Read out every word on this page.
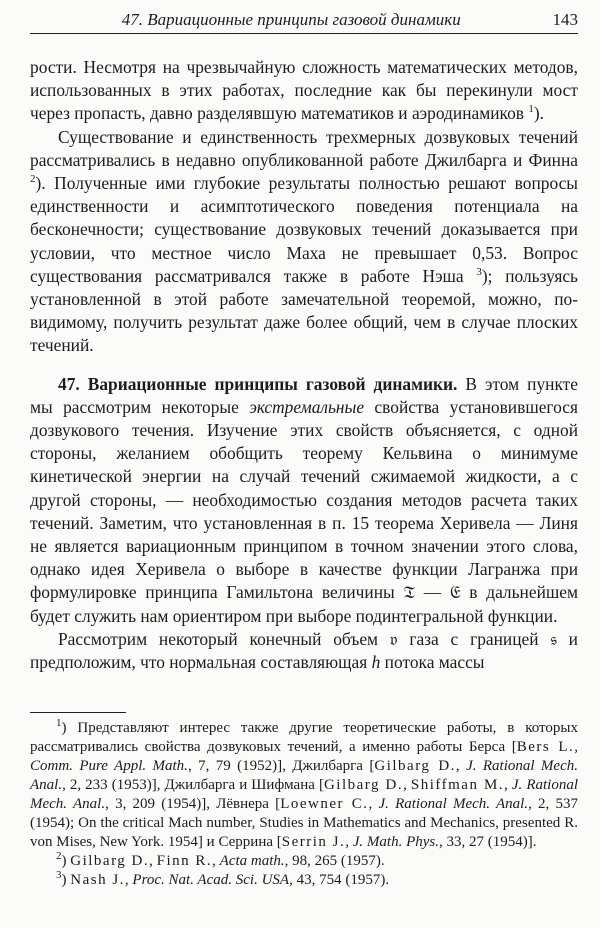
47. Вариационные принципы газовой динамики	143

рости. Несмотря на чрезвычайную сложность математических методов, использованных в этих работах, последние как бы перекинули мост через пропасть, давно разделявшую математиков и аэродинамиков $^1$).

Существование и единственность трехмерных дозвуковых течений рассматривались в недавно опубликованной работе Джилбарга и Финна $^2$). Полученные ими глубокие результаты полностью решают вопросы единственности и асимптотического поведения потенциала на бесконечности; существование дозвуковых течений доказывается при условии, что местное число Маха не превышает 0,53. Вопрос существования рассматривался также в работе Нэша $^3$); пользуясь установленной в этой работе замечательной теоремой, можно, по-видимому, получить результат даже более общий, чем в случае плоских течений.

47. Вариационные принципы газовой динамики. В этом пункте мы рассмотрим некоторые экстремальные свойства установившегося дозвукового течения. Изучение этих свойств объясняется, с одной стороны, желанием обобщить теорему Кельвина о минимуме кинетической энергии на случай течений сжимаемой жидкости, а с другой стороны, — необходимостью создания методов расчета таких течений. Заметим, что установленная в п. 15 теорема Херивела — Линя не является вариационным принципом в точном значении этого слова, однако идея Херивела о выборе в качестве функции Лагранжа при формулировке принципа Гамильтона величины 𝔗 — 𝔈 в дальнейшем будет служить нам ориентиром при выборе подинтегральной функции.

Рассмотрим некоторый конечный объем 𝔳 газа с границей 𝔰 и предположим, что нормальная составляющая h потока массы

$^1$) Представляют интерес также другие теоретические работы, в которых рассматривались свойства дозвуковых течений, а именно работы Берса [Bers L., Comm. Pure Appl. Math., 7, 79 (1952)], Джилбарга [Gilbarg D., J. Rational Mech. Anal., 2, 233 (1953)], Джилбарга и Шифмана [Gilbarg D., Shiffman M., J. Rational Mech. Anal., 3, 209 (1954)], Лёвнера [Loewner C., J. Rational Mech. Anal., 2, 537 (1954); On the critical Mach number, Studies in Mathematics and Mechanics, presented R. von Mises, New York. 1954] и Серрина [Serrin J., J. Math. Phys., 33, 27 (1954)].

$^2$) Gilbarg D., Finn R., Acta math., 98, 265 (1957).

$^3$) Nash J., Proc. Nat. Acad. Sci. USA, 43, 754 (1957).
